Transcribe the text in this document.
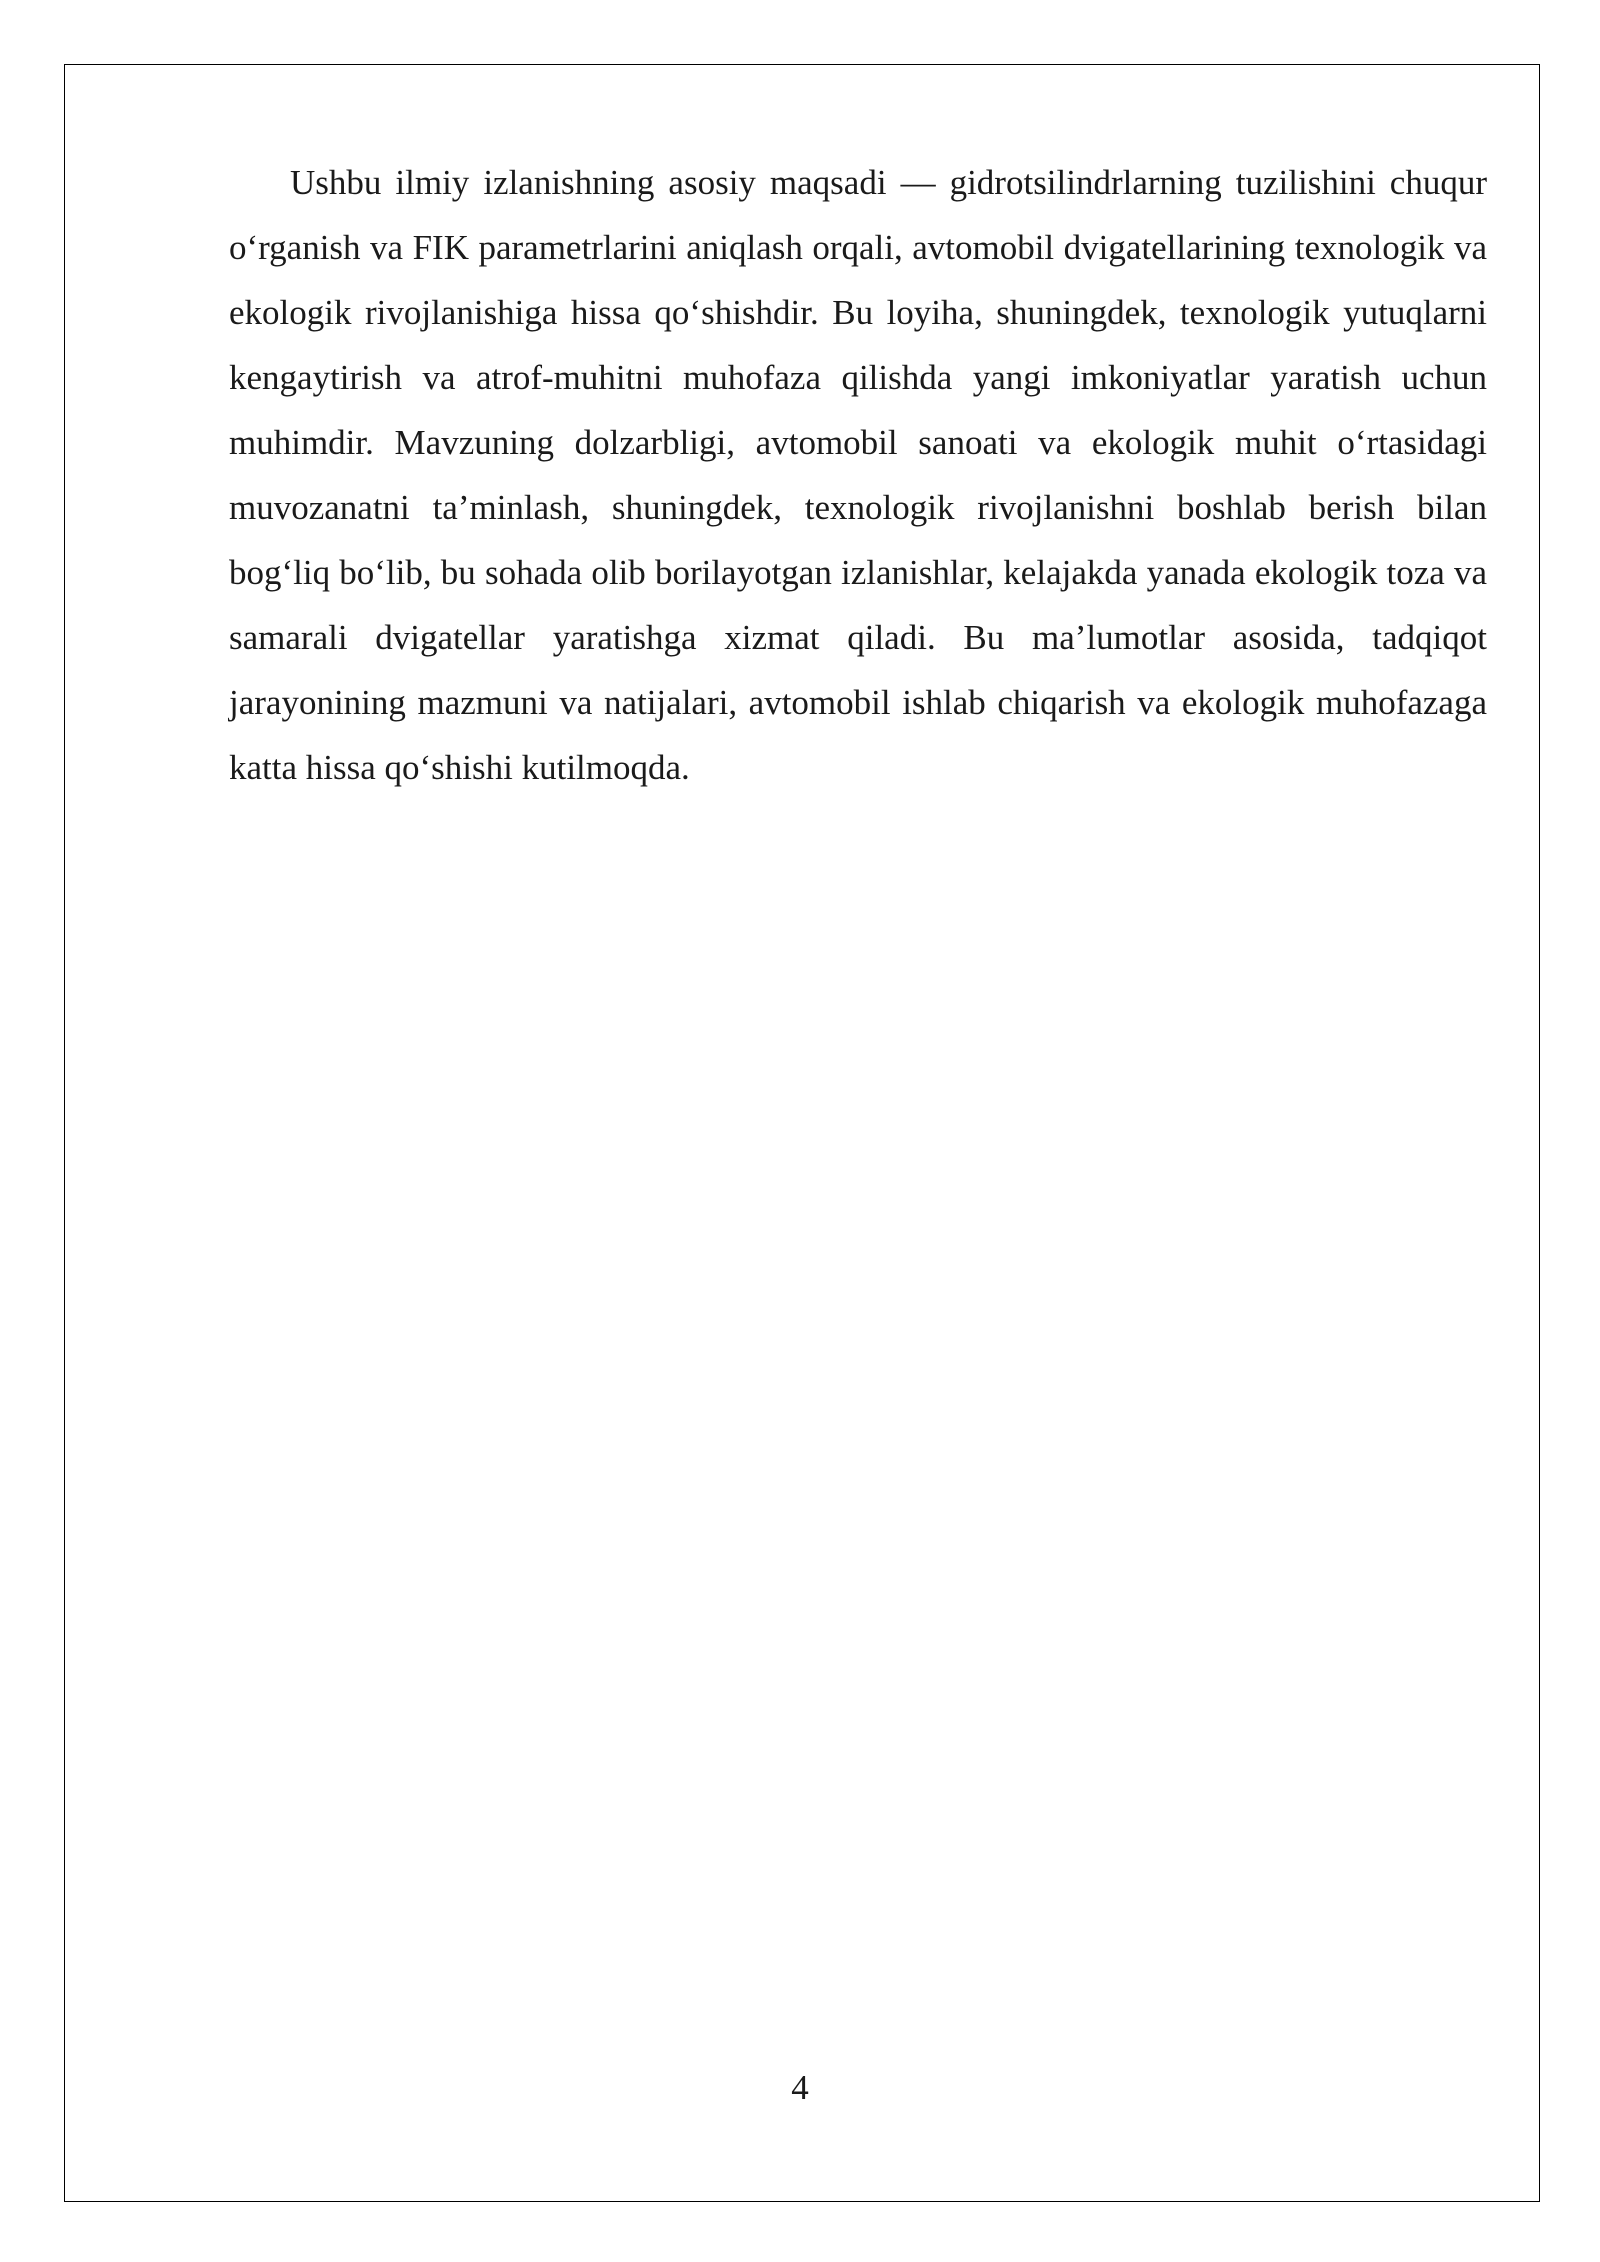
Ushbu ilmiy izlanishning asosiy maqsadi — gidrotsilindrlarning tuzilishini chuqur o‘rganish va FIK parametrlarini aniqlash orqali, avtomobil dvigatellarining texnologik va ekologik rivojlanishiga hissa qo‘shishdir. Bu loyiha, shuningdek, texnologik yutuqlarni kengaytirish va atrof-muhitni muhofaza qilishda yangi imkoniyatlar yaratish uchun muhimdir. Mavzuning dolzarbligi, avtomobil sanoati va ekologik muhit o‘rtasidagi muvozanatni ta’minlash, shuningdek, texnologik rivojlanishni boshlab berish bilan bog‘liq bo‘lib, bu sohada olib borilayotgan izlanishlar, kelajakda yanada ekologik toza va samarali dvigatellar yaratishga xizmat qiladi. Bu ma’lumotlar asosida, tadqiqot jarayonining mazmuni va natijalari, avtomobil ishlab chiqarish va ekologik muhofazaga katta hissa qo‘shishi kutilmoqda.

4
